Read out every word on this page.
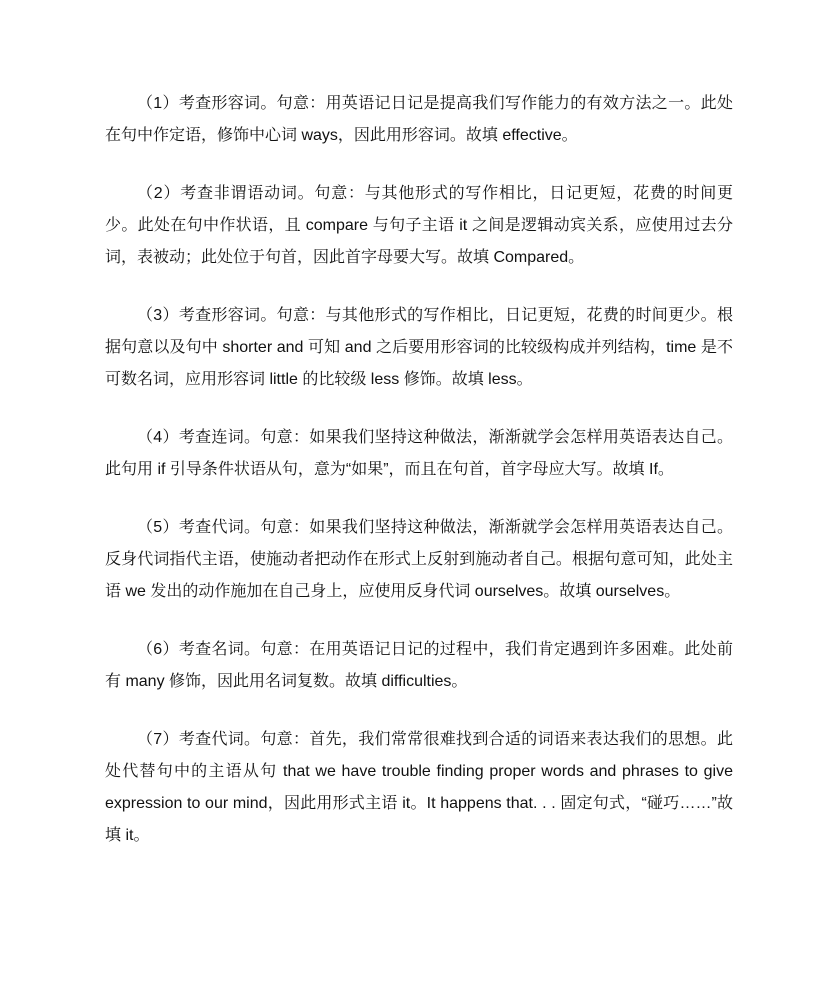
（1）考查形容词。句意：用英语记日记是提高我们写作能力的有效方法之一。此处在句中作定语，修饰中心词 ways，因此用形容词。故填 effective。

（2）考查非谓语动词。句意：与其他形式的写作相比，日记更短，花费的时间更少。此处在句中作状语，且 compare 与句子主语 it 之间是逻辑动宾关系，应使用过去分词，表被动；此处位于句首，因此首字母要大写。故填 Compared。

（3）考查形容词。句意：与其他形式的写作相比，日记更短，花费的时间更少。根据句意以及句中 shorter and 可知 and 之后要用形容词的比较级构成并列结构，time 是不可数名词，应用形容词 little 的比较级 less 修饰。故填 less。

（4）考查连词。句意：如果我们坚持这种做法，渐渐就学会怎样用英语表达自己。此句用 if 引导条件状语从句，意为“如果”，而且在句首，首字母应大写。故填 If。

（5）考查代词。句意：如果我们坚持这种做法，渐渐就学会怎样用英语表达自己。反身代词指代主语，使施动者把动作在形式上反射到施动者自己。根据句意可知，此处主语 we 发出的动作施加在自己身上，应使用反身代词 ourselves。故填 ourselves。

（6）考查名词。句意：在用英语记日记的过程中，我们肯定遇到许多困难。此处前有 many 修饰，因此用名词复数。故填 difficulties。

（7）考查代词。句意：首先，我们常常很难找到合适的词语来表达我们的思想。此处代替句中的主语从句 that we have trouble finding proper words and phrases to give expression to our mind，因此用形式主语 it。It happens that. . . 固定句式，“碰巧……”故填 it。
